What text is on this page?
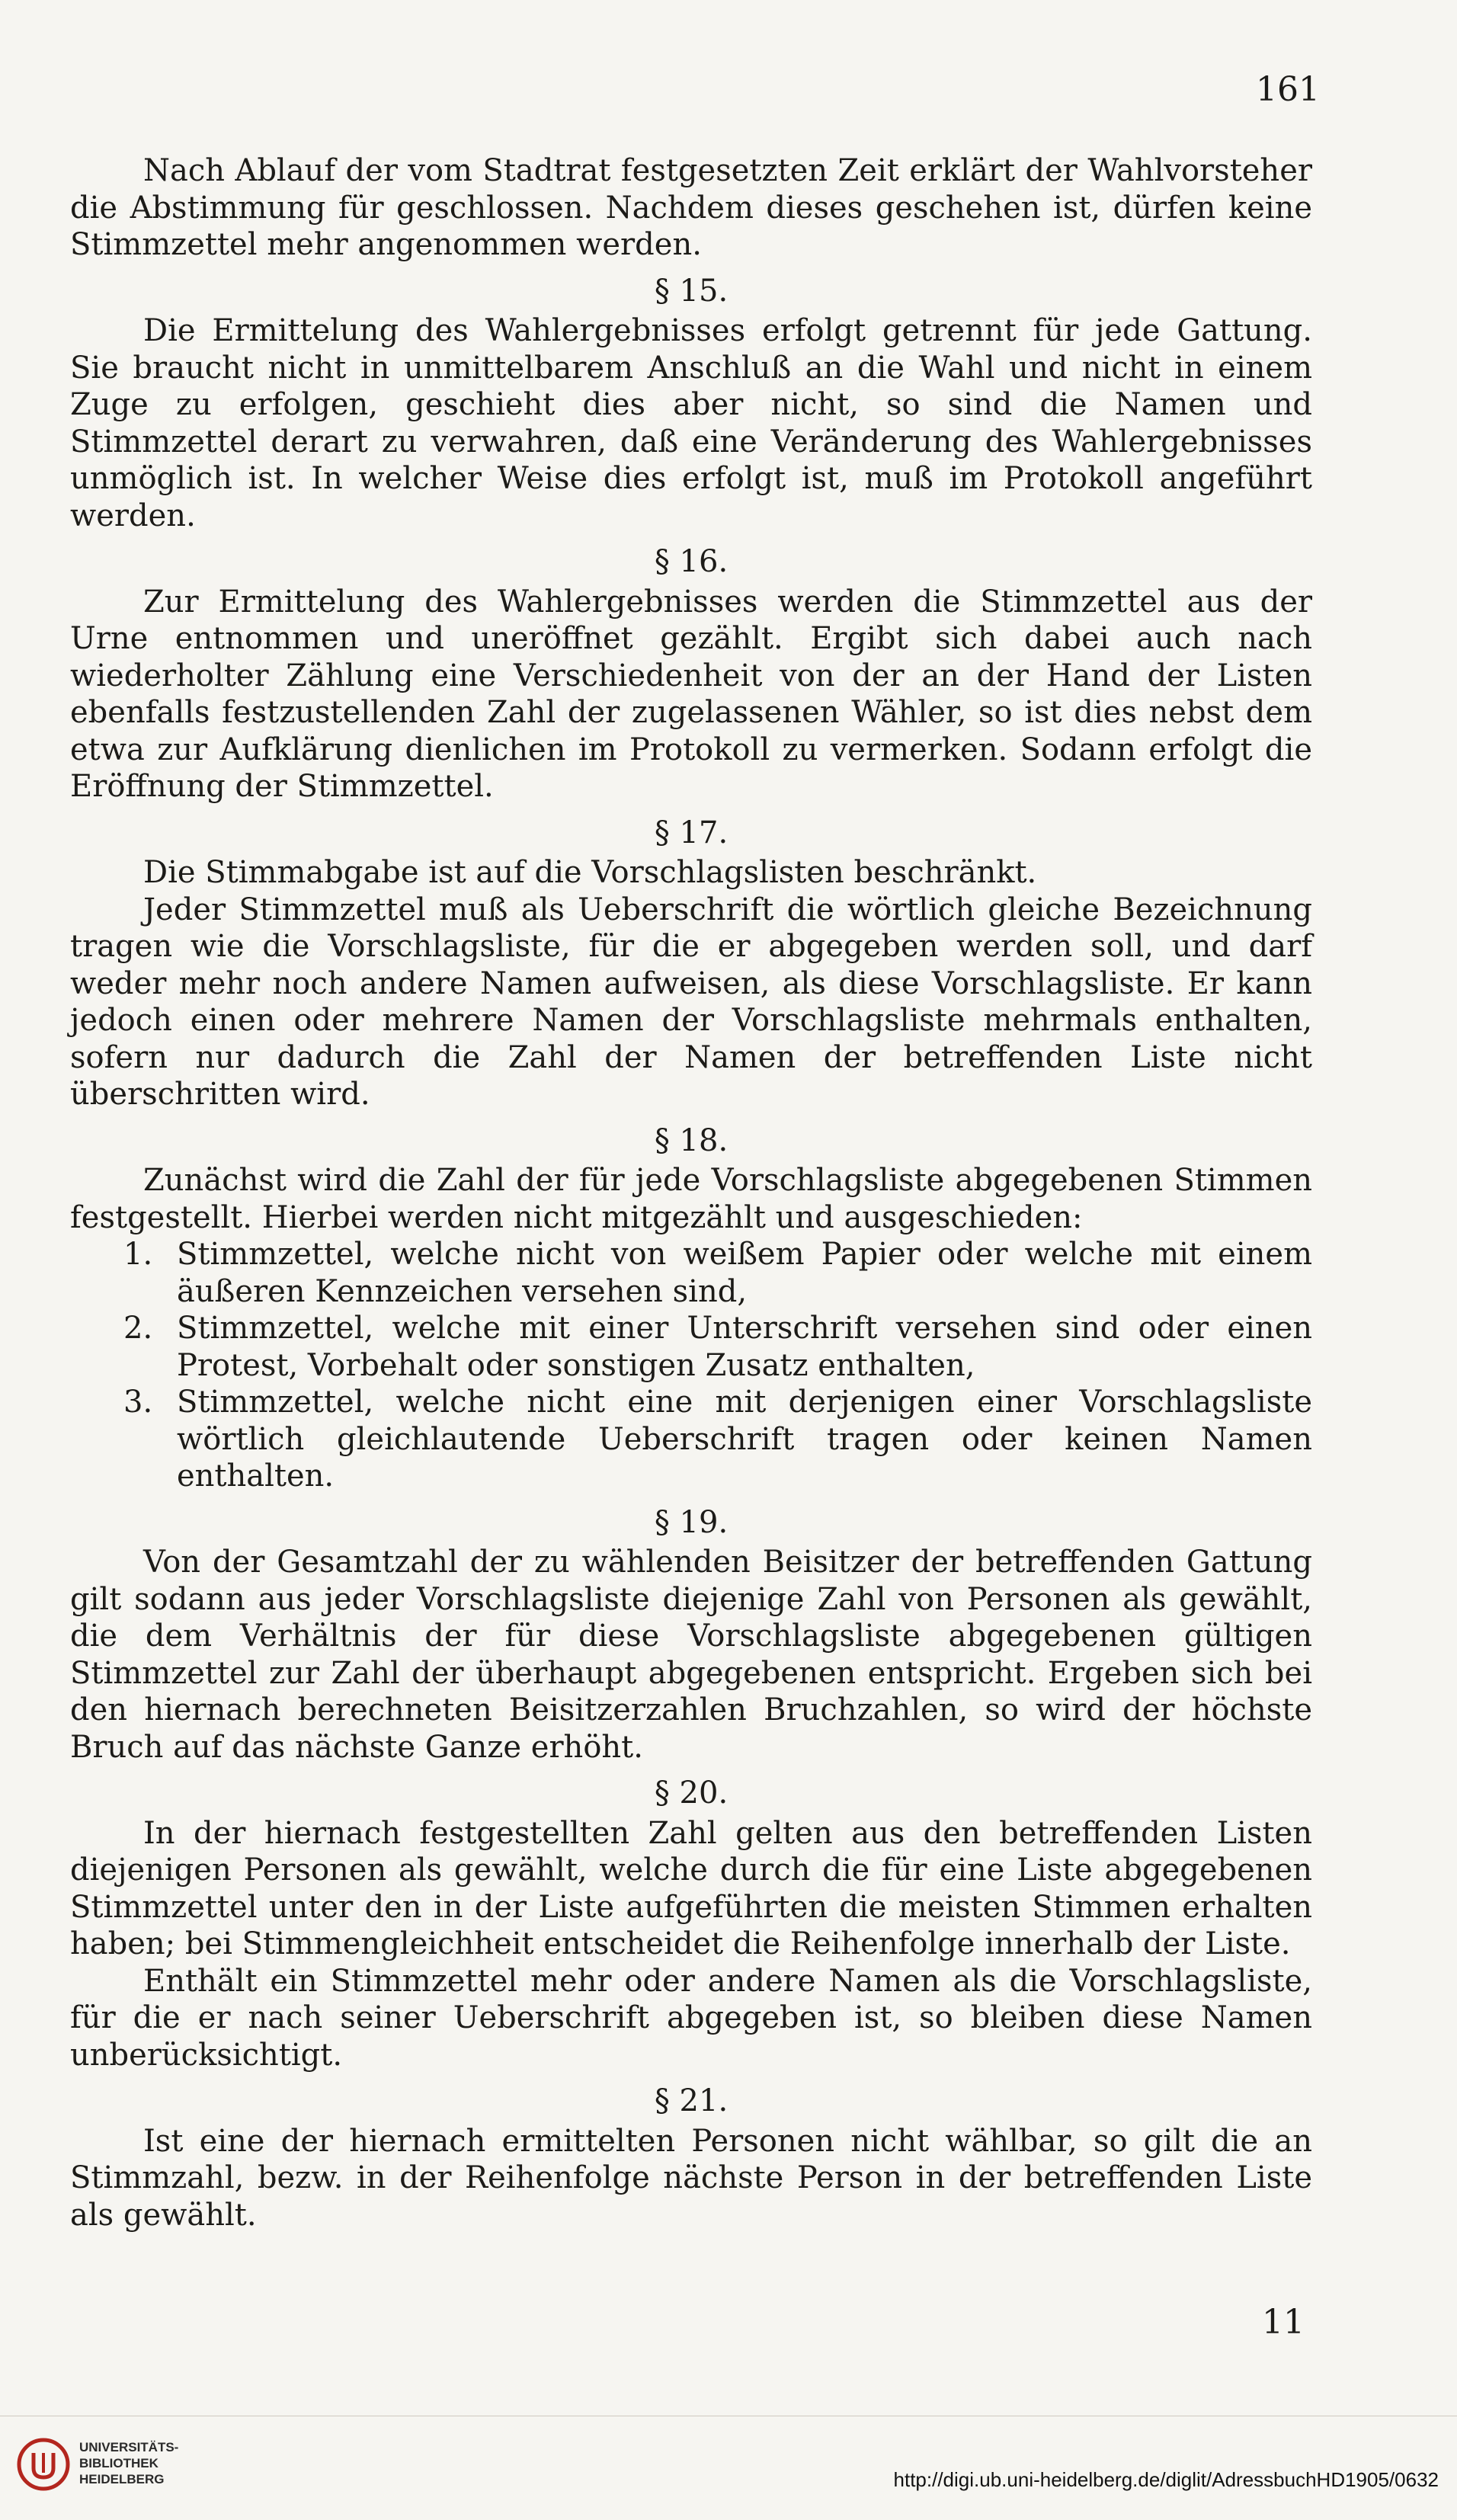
161

Nach Ablauf der vom Stadtrat festgesetzten Zeit erklärt der Wahlvorsteher die Abstimmung für geschlossen. Nachdem dieses geschehen ist, dürfen keine Stimmzettel mehr angenommen werden.

§ 15.

Die Ermittelung des Wahlergebnisses erfolgt getrennt für jede Gattung. Sie braucht nicht in unmittelbarem Anschluß an die Wahl und nicht in einem Zuge zu erfolgen, geschieht dies aber nicht, so sind die Namen und Stimmzettel derart zu verwahren, daß eine Veränderung des Wahlergebnisses unmöglich ist. In welcher Weise dies erfolgt ist, muß im Protokoll angeführt werden.

§ 16.

Zur Ermittelung des Wahlergebnisses werden die Stimmzettel aus der Urne entnommen und uneröffnet gezählt. Ergibt sich dabei auch nach wiederholter Zählung eine Verschiedenheit von der an der Hand der Listen ebenfalls festzustellenden Zahl der zugelassenen Wähler, so ist dies nebst dem etwa zur Aufklärung dienlichen im Protokoll zu vermerken. Sodann erfolgt die Eröffnung der Stimmzettel.

§ 17.

Die Stimmabgabe ist auf die Vorschlagslisten beschränkt.

Jeder Stimmzettel muß als Ueberschrift die wörtlich gleiche Bezeichnung tragen wie die Vorschlagsliste, für die er abgegeben werden soll, und darf weder mehr noch andere Namen aufweisen, als diese Vorschlagsliste. Er kann jedoch einen oder mehrere Namen der Vorschlagsliste mehrmals enthalten, sofern nur dadurch die Zahl der Namen der betreffenden Liste nicht überschritten wird.

§ 18.

Zunächst wird die Zahl der für jede Vorschlagsliste abgegebenen Stimmen festgestellt. Hierbei werden nicht mitgezählt und ausgeschieden:

1. Stimmzettel, welche nicht von weißem Papier oder welche mit einem äußeren Kennzeichen versehen sind,
2. Stimmzettel, welche mit einer Unterschrift versehen sind oder einen Protest, Vorbehalt oder sonstigen Zusatz enthalten,
3. Stimmzettel, welche nicht eine mit derjenigen einer Vorschlagsliste wörtlich gleichlautende Ueberschrift tragen oder keinen Namen enthalten.
§ 19.

Von der Gesamtzahl der zu wählenden Beisitzer der betreffenden Gattung gilt sodann aus jeder Vorschlagsliste diejenige Zahl von Personen als gewählt, die dem Verhältnis der für diese Vorschlagsliste abgegebenen gültigen Stimmzettel zur Zahl der überhaupt abgegebenen entspricht. Ergeben sich bei den hiernach berechneten Beisitzerzahlen Bruchzahlen, so wird der höchste Bruch auf das nächste Ganze erhöht.

§ 20.

In der hiernach festgestellten Zahl gelten aus den betreffenden Listen diejenigen Personen als gewählt, welche durch die für eine Liste abgegebenen Stimmzettel unter den in der Liste aufgeführten die meisten Stimmen erhalten haben; bei Stimmengleichheit entscheidet die Reihenfolge innerhalb der Liste.

Enthält ein Stimmzettel mehr oder andere Namen als die Vorschlagsliste, für die er nach seiner Ueberschrift abgegeben ist, so bleiben diese Namen unberücksichtigt.

§ 21.

Ist eine der hiernach ermittelten Personen nicht wählbar, so gilt die an Stimmzahl, bezw. in der Reihenfolge nächste Person in der betreffenden Liste als gewählt.

11
UNIVERSITÄTS-
BIBLIOTHEK
HEIDELBERG	http://digi.ub.uni-heidelberg.de/diglit/AdressbuchHD1905/0632
